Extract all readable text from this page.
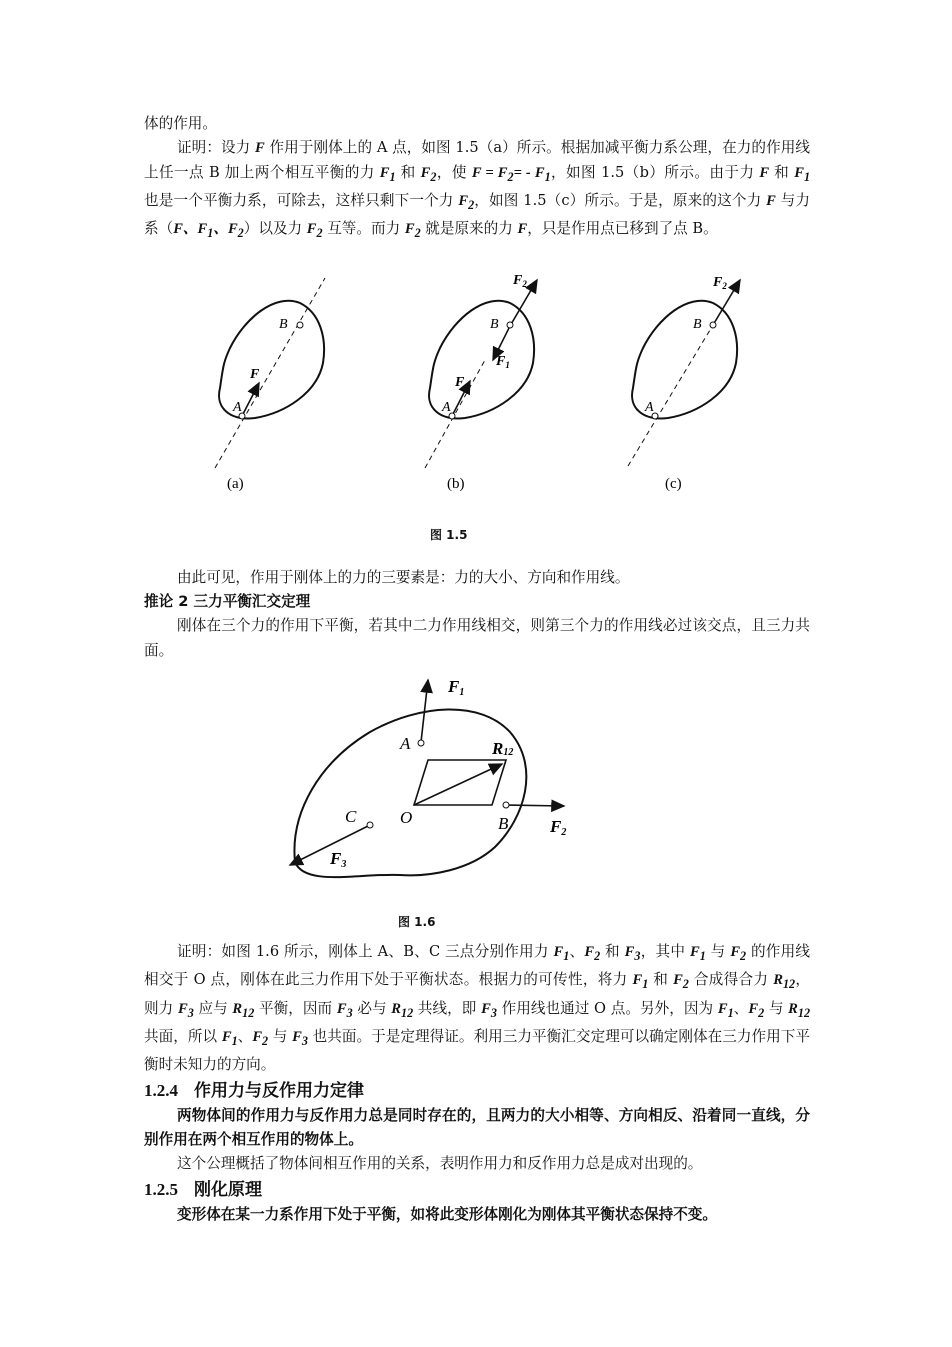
体的作用。

证明：设力 F 作用于刚体上的 A 点，如图 1.5（a）所示。根据加减平衡力系公理，在力的作用线上任一点 B 加上两个相互平衡的力 $F_1$ 和 $F_2$，使 $F = F_2= - F_1$，如图 1.5（b）所示。由于力 F 和 $F_1$ 也是一个平衡力系，可除去，这样只剩下一个力 $F_2$，如图 1.5（c）所示。于是，原来的这个力 F 与力系（F、$F_1$、$F_2$）以及力 $F_2$ 互等。而力 $F_2$ 就是原来的力 F，只是作用点已移到了点 B。

A
B
F
A
B
F
$F_1$
$F_2$
A
B
$F_2$
(a)	(b)	(c)
图 1.5

由此可见，作用于刚体上的力的三要素是：力的大小、方向和作用线。

推论 2 三力平衡汇交定理

刚体在三个力的作用下平衡，若其中二力作用线相交，则第三个力的作用线必过该交点，且三力共面。

A
B
C	O
F1
F2
F3
R12
图 1.6

证明：如图 1.6 所示，刚体上 A、B、C 三点分别作用力 $F_1$、$F_2$ 和 $F_3$，其中 $F_1$ 与 $F_2$ 的作用线相交于 O 点，刚体在此三力作用下处于平衡状态。根据力的可传性，将力 $F_1$ 和 $F_2$ 合成得合力 $R_{12}$，则力 $F_3$ 应与 $R_{12}$ 平衡，因而 $F_3$ 必与 $R_{12}$ 共线，即 $F_3$ 作用线也通过 O 点。另外，因为 $F_1$、$F_2$ 与 $R_{12}$ 共面，所以 $F_1$、$F_2$ 与 $F_3$ 也共面。于是定理得证。利用三力平衡汇交定理可以确定刚体在三力作用下平衡时未知力的方向。

1.2.4 作用力与反作用力定律

两物体间的作用力与反作用力总是同时存在的，且两力的大小相等、方向相反、沿着同一直线，分别作用在两个相互作用的物体上。

这个公理概括了物体间相互作用的关系，表明作用力和反作用力总是成对出现的。

1.2.5 刚化原理

变形体在某一力系作用下处于平衡，如将此变形体刚化为刚体其平衡状态保持不变。
